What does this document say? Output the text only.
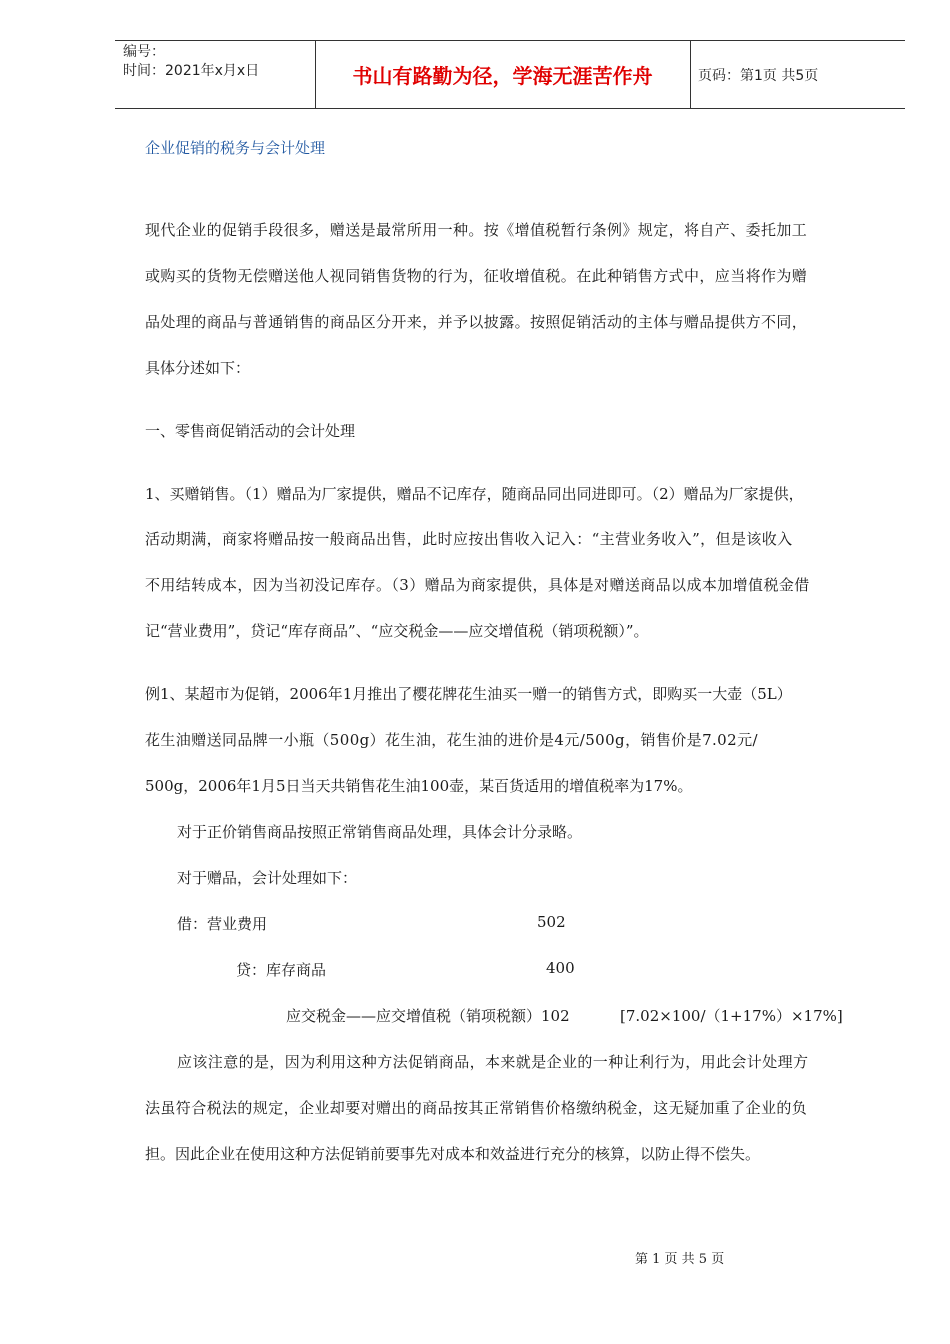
编号：
时间：2021年x月x日	书山有路勤为径，学海无涯苦作舟	页码：第1页 共5页
企业促销的税务与会计处理
现代企业的促销手段很多，赠送是最常所用一种。按《增值税暂行条例》规定，将自产、委托加工
或购买的货物无偿赠送他人视同销售货物的行为，征收增值税。在此种销售方式中，应当将作为赠
品处理的商品与普通销售的商品区分开来，并予以披露。按照促销活动的主体与赠品提供方不同，
具体分述如下：
一、零售商促销活动的会计处理
1、买赠销售。（1）赠品为厂家提供，赠品不记库存，随商品同出同进即可。（2）赠品为厂家提供，
活动期满，商家将赠品按一般商品出售，此时应按出售收入记入：“主营业务收入”，但是该收入
不用结转成本，因为当初没记库存。（3）赠品为商家提供，具体是对赠送商品以成本加增值税金借
记“营业费用”，贷记“库存商品”、“应交税金——应交增值税（销项税额）”。
例1、某超市为促销，2006年1月推出了樱花牌花生油买一赠一的销售方式，即购买一大壶（5L）
花生油赠送同品牌一小瓶（500g）花生油，花生油的进价是4元/500g，销售价是7.02元/
500g，2006年1月5日当天共销售花生油100壶，某百货适用的增值税率为17%。
对于正价销售商品按照正常销售商品处理，具体会计分录略。
对于赠品，会计处理如下：
借：营业费用	502
贷：库存商品	400
应交税金——应交增值税（销项税额）102	[7.02×100/（1+17%）×17%]
应该注意的是，因为利用这种方法促销商品，本来就是企业的一种让利行为，用此会计处理方
法虽符合税法的规定，企业却要对赠出的商品按其正常销售价格缴纳税金，这无疑加重了企业的负
担。因此企业在使用这种方法促销前要事先对成本和效益进行充分的核算，以防止得不偿失。
第 1 页 共 5 页
